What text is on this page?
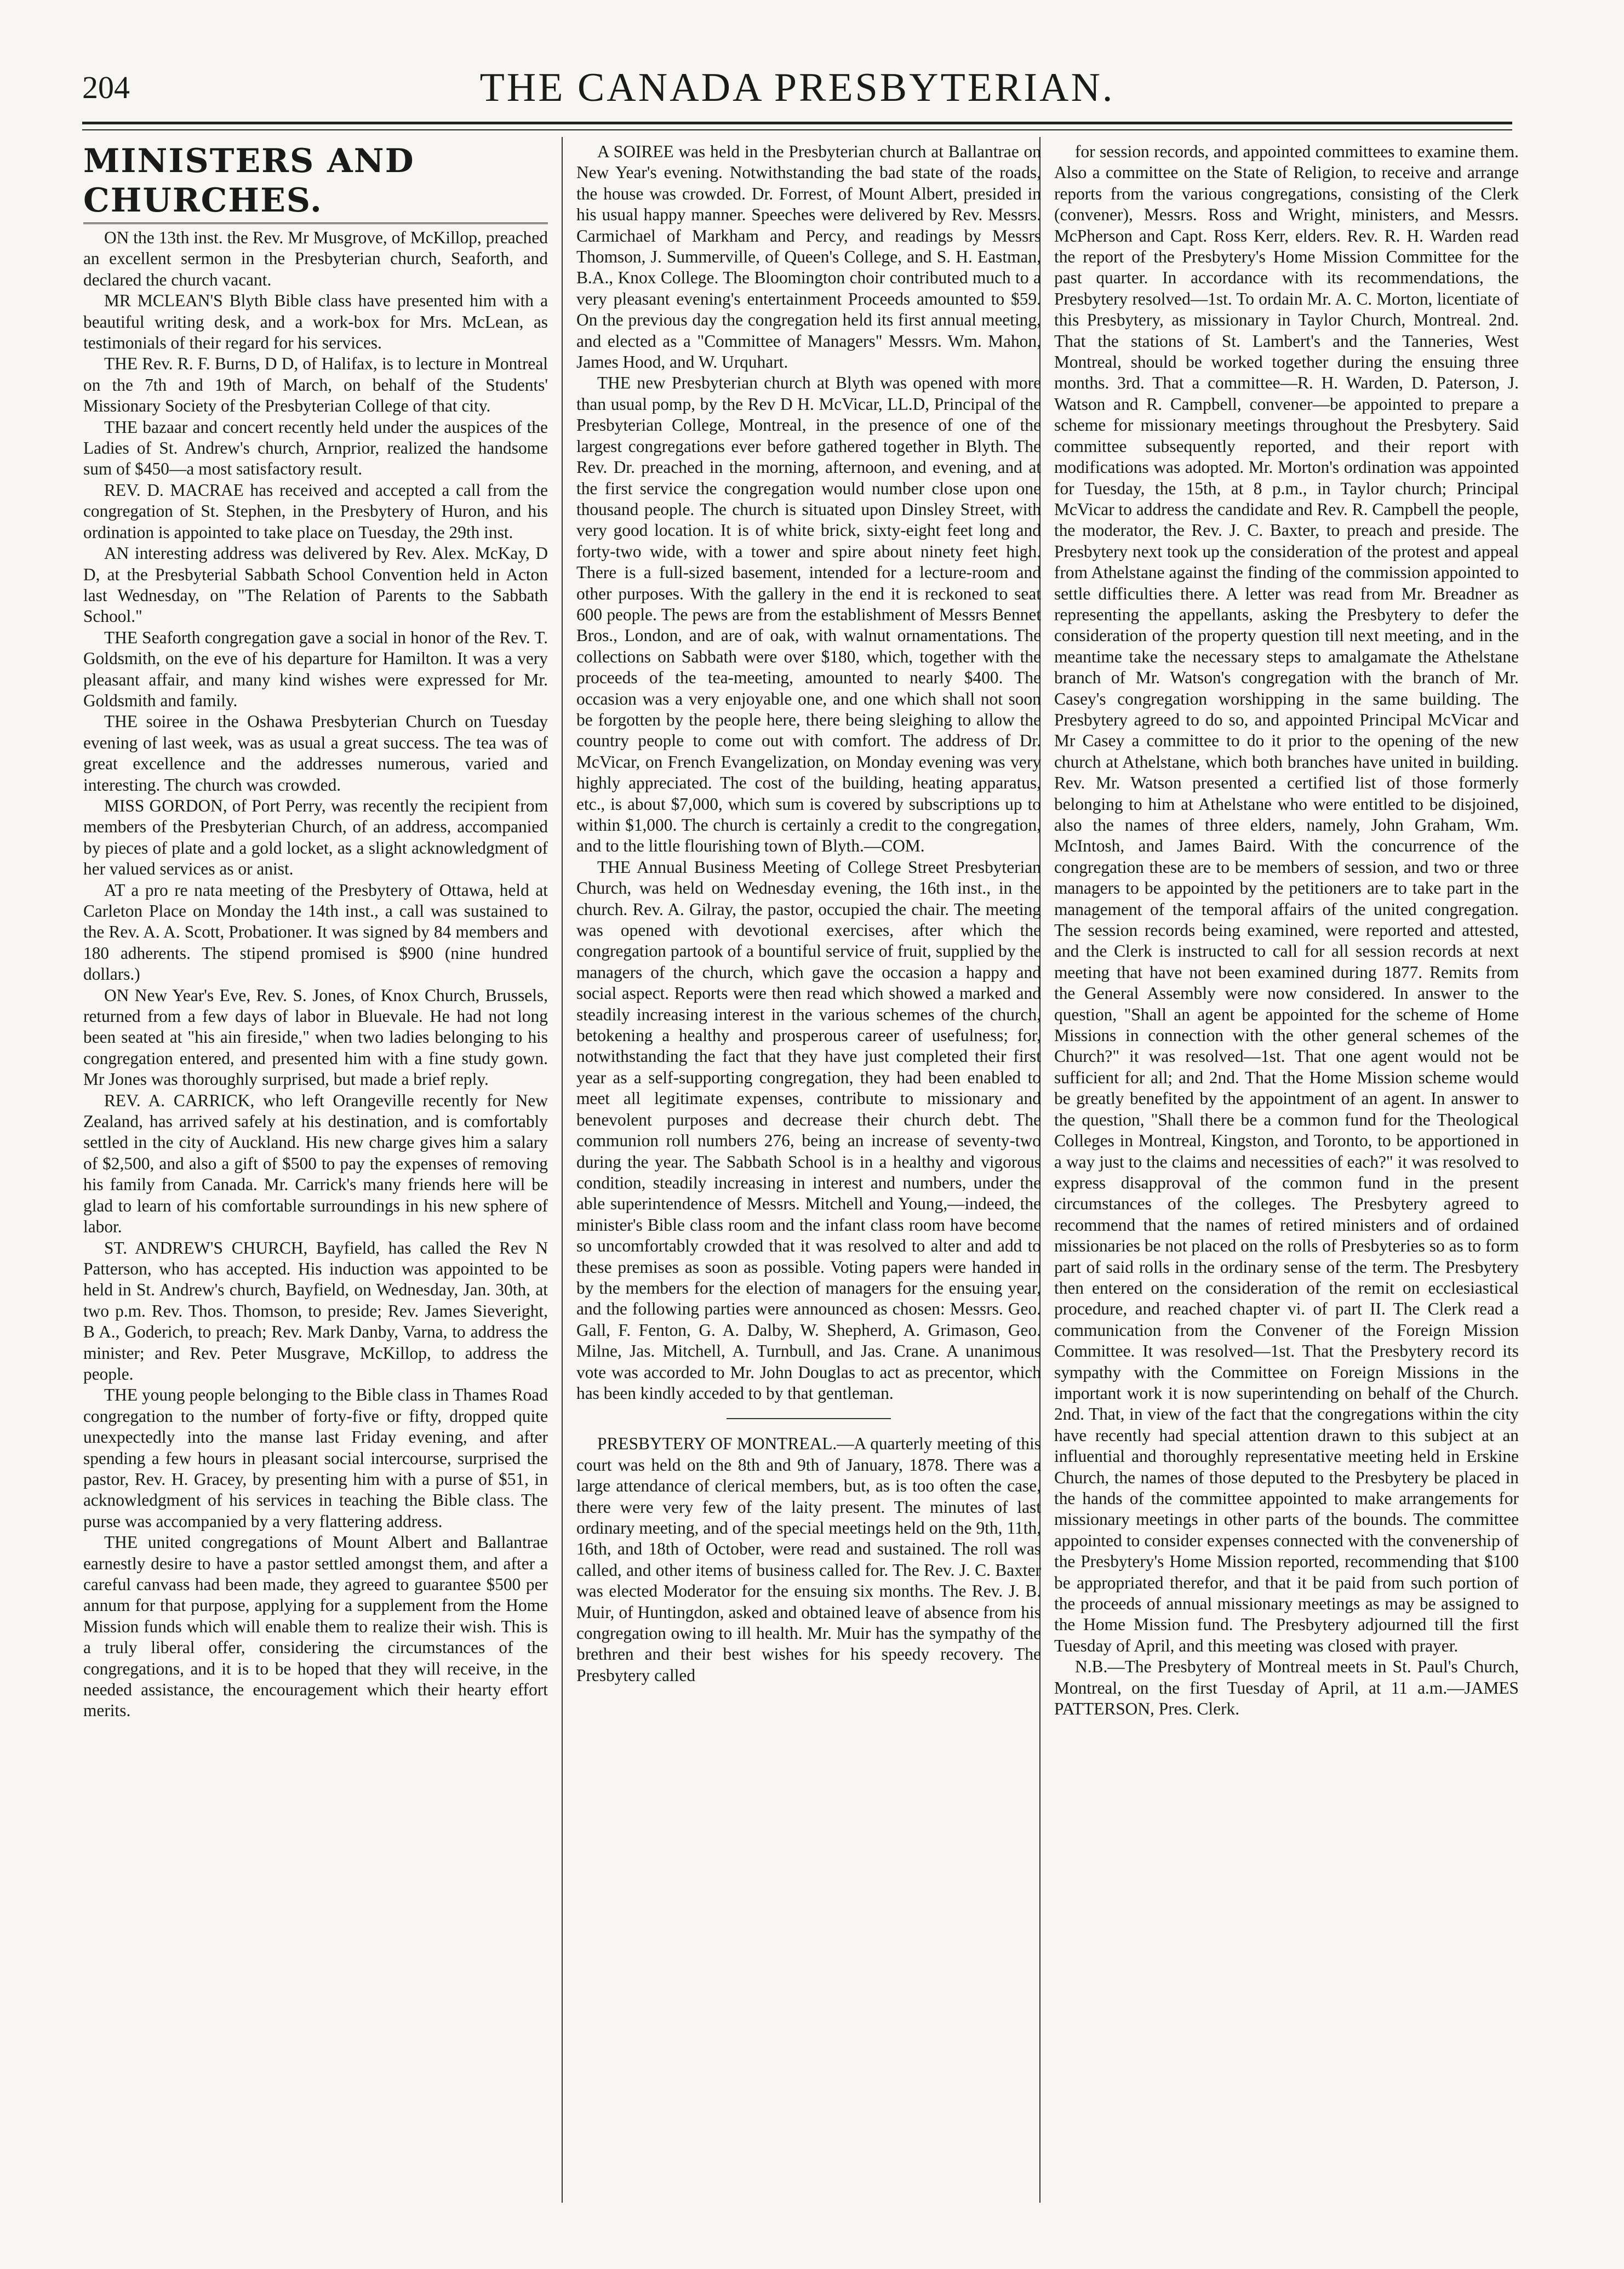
204	THE CANADA PRESBYTERIAN.
MINISTERS AND CHURCHES.

ON the 13th inst. the Rev. Mr Musgrove, of McKillop, preached an excellent sermon in the Presbyterian church, Seaforth, and declared the church vacant.

MR MCLEAN'S Blyth Bible class have presented him with a beautiful writing desk, and a work-box for Mrs. McLean, as testimonials of their regard for his services.

THE Rev. R. F. Burns, D D, of Halifax, is to lecture in Montreal on the 7th and 19th of March, on behalf of the Students' Missionary Society of the Presbyterian College of that city.

THE bazaar and concert recently held under the auspices of the Ladies of St. Andrew's church, Arnprior, realized the handsome sum of $450—a most satisfactory result.

REV. D. MACRAE has received and accepted a call from the congregation of St. Stephen, in the Presbytery of Huron, and his ordination is appointed to take place on Tuesday, the 29th inst.

AN interesting address was delivered by Rev. Alex. McKay, D D, at the Presbyterial Sabbath School Convention held in Acton last Wednesday, on "The Relation of Parents to the Sabbath School."

THE Seaforth congregation gave a social in honor of the Rev. T. Goldsmith, on the eve of his departure for Hamilton. It was a very pleasant affair, and many kind wishes were expressed for Mr. Goldsmith and family.

THE soiree in the Oshawa Presbyterian Church on Tuesday evening of last week, was as usual a great success. The tea was of great excellence and the addresses numerous, varied and interesting. The church was crowded.

MISS GORDON, of Port Perry, was recently the recipient from members of the Presbyterian Church, of an address, accompanied by pieces of plate and a gold locket, as a slight acknowledgment of her valued services as or anist.

AT a pro re nata meeting of the Presbytery of Ottawa, held at Carleton Place on Monday the 14th inst., a call was sustained to the Rev. A. A. Scott, Probationer. It was signed by 84 members and 180 adherents. The stipend promised is $900 (nine hundred dollars.)

ON New Year's Eve, Rev. S. Jones, of Knox Church, Brussels, returned from a few days of labor in Bluevale. He had not long been seated at "his ain fireside," when two ladies belonging to his congregation entered, and presented him with a fine study gown. Mr Jones was thoroughly surprised, but made a brief reply.

REV. A. CARRICK, who left Orangeville recently for New Zealand, has arrived safely at his destination, and is comfortably settled in the city of Auckland. His new charge gives him a salary of $2,500, and also a gift of $500 to pay the expenses of removing his family from Canada. Mr. Carrick's many friends here will be glad to learn of his comfortable surroundings in his new sphere of labor.

ST. ANDREW'S CHURCH, Bayfield, has called the Rev N Patterson, who has accepted. His induction was appointed to be held in St. Andrew's church, Bayfield, on Wednesday, Jan. 30th, at two p.m. Rev. Thos. Thomson, to preside; Rev. James Sieveright, B A., Goderich, to preach; Rev. Mark Danby, Varna, to address the minister; and Rev. Peter Musgrave, McKillop, to address the people.

THE young people belonging to the Bible class in Thames Road congregation to the number of forty-five or fifty, dropped quite unexpectedly into the manse last Friday evening, and after spending a few hours in pleasant social intercourse, surprised the pastor, Rev. H. Gracey, by presenting him with a purse of $51, in acknowledgment of his services in teaching the Bible class. The purse was accompanied by a very flattering address.

THE united congregations of Mount Albert and Ballantrae earnestly desire to have a pastor settled amongst them, and after a careful canvass had been made, they agreed to guarantee $500 per annum for that purpose, applying for a supplement from the Home Mission funds which will enable them to realize their wish. This is a truly liberal offer, considering the circumstances of the congregations, and it is to be hoped that they will receive, in the needed assistance, the encouragement which their hearty effort merits.

A SOIREE was held in the Presbyterian church at Ballantrae on New Year's evening. Notwithstanding the bad state of the roads, the house was crowded. Dr. Forrest, of Mount Albert, presided in his usual happy manner. Speeches were delivered by Rev. Messrs. Carmichael of Markham and Percy, and readings by Messrs Thomson, J. Summerville, of Queen's College, and S. H. Eastman, B.A., Knox College. The Bloomington choir contributed much to a very pleasant evening's entertainment Proceeds amounted to $59. On the previous day the congregation held its first annual meeting, and elected as a "Committee of Managers" Messrs. Wm. Mahon, James Hood, and W. Urquhart.

THE new Presbyterian church at Blyth was opened with more than usual pomp, by the Rev D H. McVicar, LL.D, Principal of the Presbyterian College, Montreal, in the presence of one of the largest congregations ever before gathered together in Blyth. The Rev. Dr. preached in the morning, afternoon, and evening, and at the first service the congregation would number close upon one thousand people. The church is situated upon Dinsley Street, with very good location. It is of white brick, sixty-eight feet long and forty-two wide, with a tower and spire about ninety feet high. There is a full-sized basement, intended for a lecture-room and other purposes. With the gallery in the end it is reckoned to seat 600 people. The pews are from the establishment of Messrs Bennet Bros., London, and are of oak, with walnut ornamentations. The collections on Sabbath were over $180, which, together with the proceeds of the tea-meeting, amounted to nearly $400. The occasion was a very enjoyable one, and one which shall not soon be forgotten by the people here, there being sleighing to allow the country people to come out with comfort. The address of Dr. McVicar, on French Evangelization, on Monday evening was very highly appreciated. The cost of the building, heating apparatus, etc., is about $7,000, which sum is covered by subscriptions up to within $1,000. The church is certainly a credit to the congregation, and to the little flourishing town of Blyth.—COM.

THE Annual Business Meeting of College Street Presbyterian Church, was held on Wednesday evening, the 16th inst., in the church. Rev. A. Gilray, the pastor, occupied the chair. The meeting was opened with devotional exercises, after which the congregation partook of a bountiful service of fruit, supplied by the managers of the church, which gave the occasion a happy and social aspect. Reports were then read which showed a marked and steadily increasing interest in the various schemes of the church, betokening a healthy and prosperous career of usefulness; for, notwithstanding the fact that they have just completed their first year as a self-supporting congregation, they had been enabled to meet all legitimate expenses, contribute to missionary and benevolent purposes and decrease their church debt. The communion roll numbers 276, being an increase of seventy-two during the year. The Sabbath School is in a healthy and vigorous condition, steadily increasing in interest and numbers, under the able superintendence of Messrs. Mitchell and Young,—indeed, the minister's Bible class room and the infant class room have become so uncomfortably crowded that it was resolved to alter and add to these premises as soon as possible. Voting papers were handed in by the members for the election of managers for the ensuing year, and the following parties were announced as chosen: Messrs. Geo. Gall, F. Fenton, G. A. Dalby, W. Shepherd, A. Grimason, Geo. Milne, Jas. Mitchell, A. Turnbull, and Jas. Crane. A unanimous vote was accorded to Mr. John Douglas to act as precentor, which has been kindly acceded to by that gentleman.

PRESBYTERY OF MONTREAL.—A quarterly meeting of this court was held on the 8th and 9th of January, 1878. There was a large attendance of clerical members, but, as is too often the case, there were very few of the laity present. The minutes of last ordinary meeting, and of the special meetings held on the 9th, 11th, 16th, and 18th of October, were read and sustained. The roll was called, and other items of business called for. The Rev. J. C. Baxter was elected Moderator for the ensuing six months. The Rev. J. B. Muir, of Huntingdon, asked and obtained leave of absence from his congregation owing to ill health. Mr. Muir has the sympathy of the brethren and their best wishes for his speedy recovery. The Presbytery called

for session records, and appointed committees to examine them. Also a committee on the State of Religion, to receive and arrange reports from the various congregations, consisting of the Clerk (convener), Messrs. Ross and Wright, ministers, and Messrs. McPherson and Capt. Ross Kerr, elders. Rev. R. H. Warden read the report of the Presbytery's Home Mission Committee for the past quarter. In accordance with its recommendations, the Presbytery resolved—1st. To ordain Mr. A. C. Morton, licentiate of this Presbytery, as missionary in Taylor Church, Montreal. 2nd. That the stations of St. Lambert's and the Tanneries, West Montreal, should be worked together during the ensuing three months. 3rd. That a committee—R. H. Warden, D. Paterson, J. Watson and R. Campbell, convener—be appointed to prepare a scheme for missionary meetings throughout the Presbytery. Said committee subsequently reported, and their report with modifications was adopted. Mr. Morton's ordination was appointed for Tuesday, the 15th, at 8 p.m., in Taylor church; Principal McVicar to address the candidate and Rev. R. Campbell the people, the moderator, the Rev. J. C. Baxter, to preach and preside. The Presbytery next took up the consideration of the protest and appeal from Athelstane against the finding of the commission appointed to settle difficulties there. A letter was read from Mr. Breadner as representing the appellants, asking the Presbytery to defer the consideration of the property question till next meeting, and in the meantime take the necessary steps to amalgamate the Athelstane branch of Mr. Watson's congregation with the branch of Mr. Casey's congregation worshipping in the same building. The Presbytery agreed to do so, and appointed Principal McVicar and Mr Casey a committee to do it prior to the opening of the new church at Athelstane, which both branches have united in building. Rev. Mr. Watson presented a certified list of those formerly belonging to him at Athelstane who were entitled to be disjoined, also the names of three elders, namely, John Graham, Wm. McIntosh, and James Baird. With the concurrence of the congregation these are to be members of session, and two or three managers to be appointed by the petitioners are to take part in the management of the temporal affairs of the united congregation. The session records being examined, were reported and attested, and the Clerk is instructed to call for all session records at next meeting that have not been examined during 1877. Remits from the General Assembly were now considered. In answer to the question, "Shall an agent be appointed for the scheme of Home Missions in connection with the other general schemes of the Church?" it was resolved—1st. That one agent would not be sufficient for all; and 2nd. That the Home Mission scheme would be greatly benefited by the appointment of an agent. In answer to the question, "Shall there be a common fund for the Theological Colleges in Montreal, Kingston, and Toronto, to be apportioned in a way just to the claims and necessities of each?" it was resolved to express disapproval of the common fund in the present circumstances of the colleges. The Presbytery agreed to recommend that the names of retired ministers and of ordained missionaries be not placed on the rolls of Presbyteries so as to form part of said rolls in the ordinary sense of the term. The Presbytery then entered on the consideration of the remit on ecclesiastical procedure, and reached chapter vi. of part II. The Clerk read a communication from the Convener of the Foreign Mission Committee. It was resolved—1st. That the Presbytery record its sympathy with the Committee on Foreign Missions in the important work it is now superintending on behalf of the Church. 2nd. That, in view of the fact that the congregations within the city have recently had special attention drawn to this subject at an influential and thoroughly representative meeting held in Erskine Church, the names of those deputed to the Presbytery be placed in the hands of the committee appointed to make arrangements for missionary meetings in other parts of the bounds. The committee appointed to consider expenses connected with the convenership of the Presbytery's Home Mission reported, recommending that $100 be appropriated therefor, and that it be paid from such portion of the proceeds of annual missionary meetings as may be assigned to the Home Mission fund. The Presbytery adjourned till the first Tuesday of April, and this meeting was closed with prayer.

N.B.—The Presbytery of Montreal meets in St. Paul's Church, Montreal, on the first Tuesday of April, at 11 a.m.—JAMES PATTERSON, Pres. Clerk.
